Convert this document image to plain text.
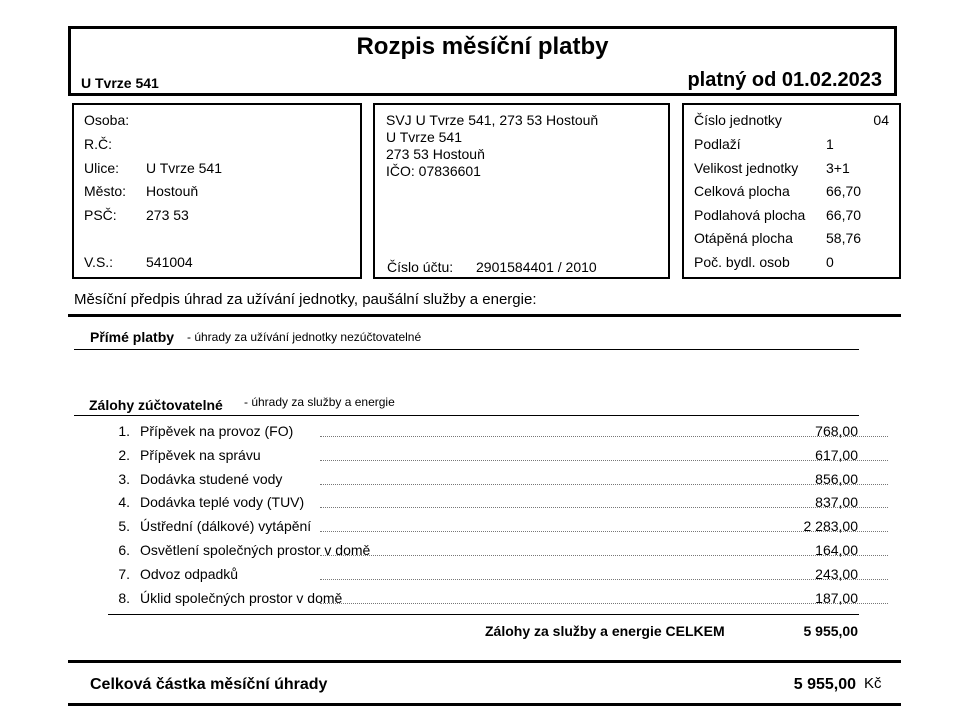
Rozpis měsíční platby
U Tvrze 541	platný od 01.02.2023
Osoba:
R.Č:
Ulice: U Tvrze 541
Město: Hostouň
PSČ: 273 53
V.S.: 541004
SVJ U Tvrze 541, 273 53 Hostouň
U Tvrze 541
273 53 Hostouň
IČO: 07836601
Číslo účtu: 2901584401 / 2010
Číslo jednotky	04
Podlaží	1
Velikost jednotky 3+1
Celková plocha	66,70
Podlahová plocha 66,70
Otápěná plocha 58,76
Poč. bydl. osob	0
Měsíční předpis úhrad za užívání jednotky, paušální služby a energie:
Přímé platby - úhrady za užívání jednotky nezúčtovatelné
Zálohy zúčtovatelné - úhrady za služby a energie
1. Přípěvek na provoz (FO)	768,00
2. Přípěvek na správu	617,00
3. Dodávka studené vody	856,00
4. Dodávka teplé vody (TUV)	837,00
5. Ústřední (dálkové) vytápění	2 283,00
6. Osvětlení společných prostor v domě	164,00
7. Odvoz odpadků	243,00
8. Úklid společných prostor v domě	187,00
Zálohy za služby a energie CELKEM	5 955,00
Celková částka měsíční úhrady	5 955,00 Kč
